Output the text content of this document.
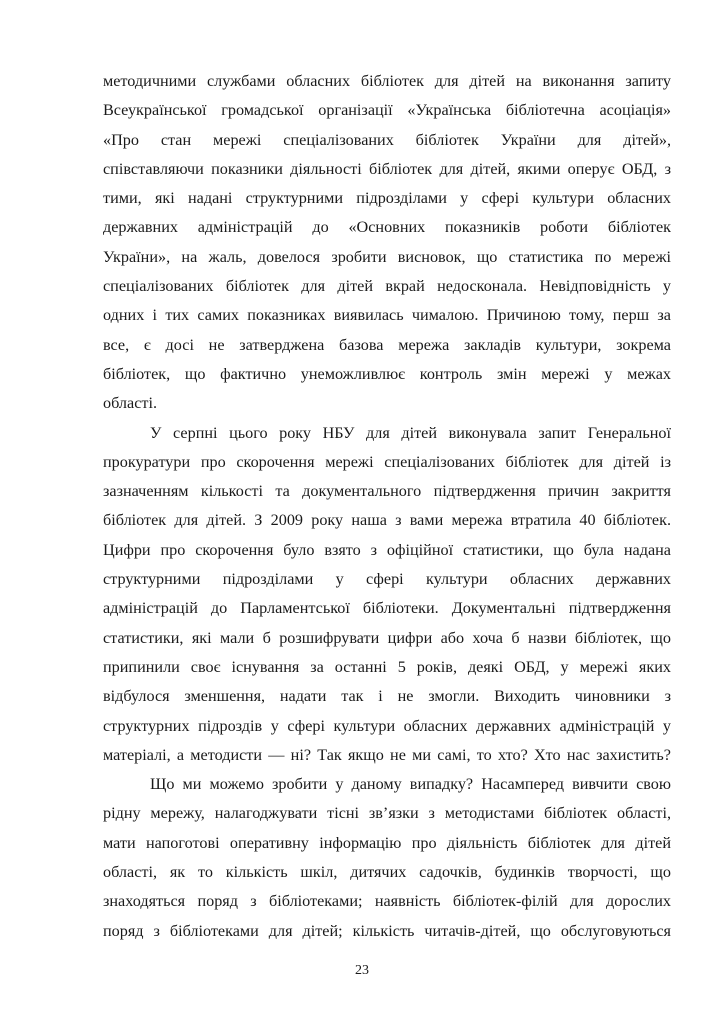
методичними службами обласних бібліотек для дітей на виконання запиту
Всеукраїнської громадської організації «Українська бібліотечна асоціація»
«Про стан мережі спеціалізованих бібліотек України для дітей»,
співставляючи показники діяльності бібліотек для дітей, якими оперує ОБД, з
тими, які надані структурними підрозділами у сфері культури обласних
державних адміністрацій до «Основних показників роботи бібліотек
України», на жаль, довелося зробити висновок, що статистика по мережі
спеціалізованих бібліотек для дітей вкрай недосконала. Невідповідність у
одних і тих самих показниках виявилась чималою. Причиною тому, перш за
все, є досі не затверджена базова мережа закладів культури, зокрема
бібліотек, що фактично унеможливлює контроль змін мережі у межах
області.
У серпні цього року НБУ для дітей виконувала запит Генеральної
прокуратури про скорочення мережі спеціалізованих бібліотек для дітей із
зазначенням кількості та документального підтвердження причин закриття
бібліотек для дітей. З 2009 року наша з вами мережа втратила 40 бібліотек.
Цифри про скорочення було взято з офіційної статистики, що була надана
структурними підрозділами у сфері культури обласних державних
адміністрацій до Парламентської бібліотеки. Документальні підтвердження
статистики, які мали б розшифрувати цифри або хоча б назви бібліотек, що
припинили своє існування за останні 5 років, деякі ОБД, у мережі яких
відбулося зменшення, надати так і не змогли. Виходить чиновники з
структурних підроздів у сфері культури обласних державних адміністрацій у
матеріалі, а методисти — ні? Так якщо не ми самі, то хто? Хто нас захистить?
Що ми можемо зробити у даному випадку? Насамперед вивчити свою
рідну мережу, налагоджувати тісні зв’язки з методистами бібліотек області,
мати напоготові оперативну інформацію про діяльність бібліотек для дітей
області, як то кількість шкіл, дитячих садочків, будинків творчості, що
знаходяться поряд з бібліотеками; наявність бібліотек-філій для дорослих
поряд з бібліотеками для дітей; кількість читачів-дітей, що обслуговуються
23
